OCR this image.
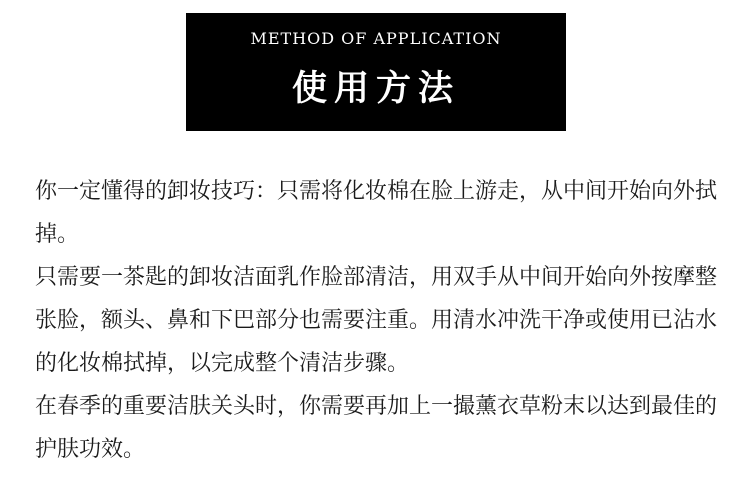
METHOD OF APPLICATION
使用方法

你一定懂得的卸妆技巧：只需将化妆棉在脸上游走，从中间开始向外拭掉。

只需要一茶匙的卸妆洁面乳作脸部清洁，用双手从中间开始向外按摩整张脸，额头、鼻和下巴部分也需要注重。用清水冲洗干净或使用已沾水的化妆棉拭掉，以完成整个清洁步骤。

在春季的重要洁肤关头时，你需要再加上一撮薰衣草粉末以达到最佳的护肤功效。
